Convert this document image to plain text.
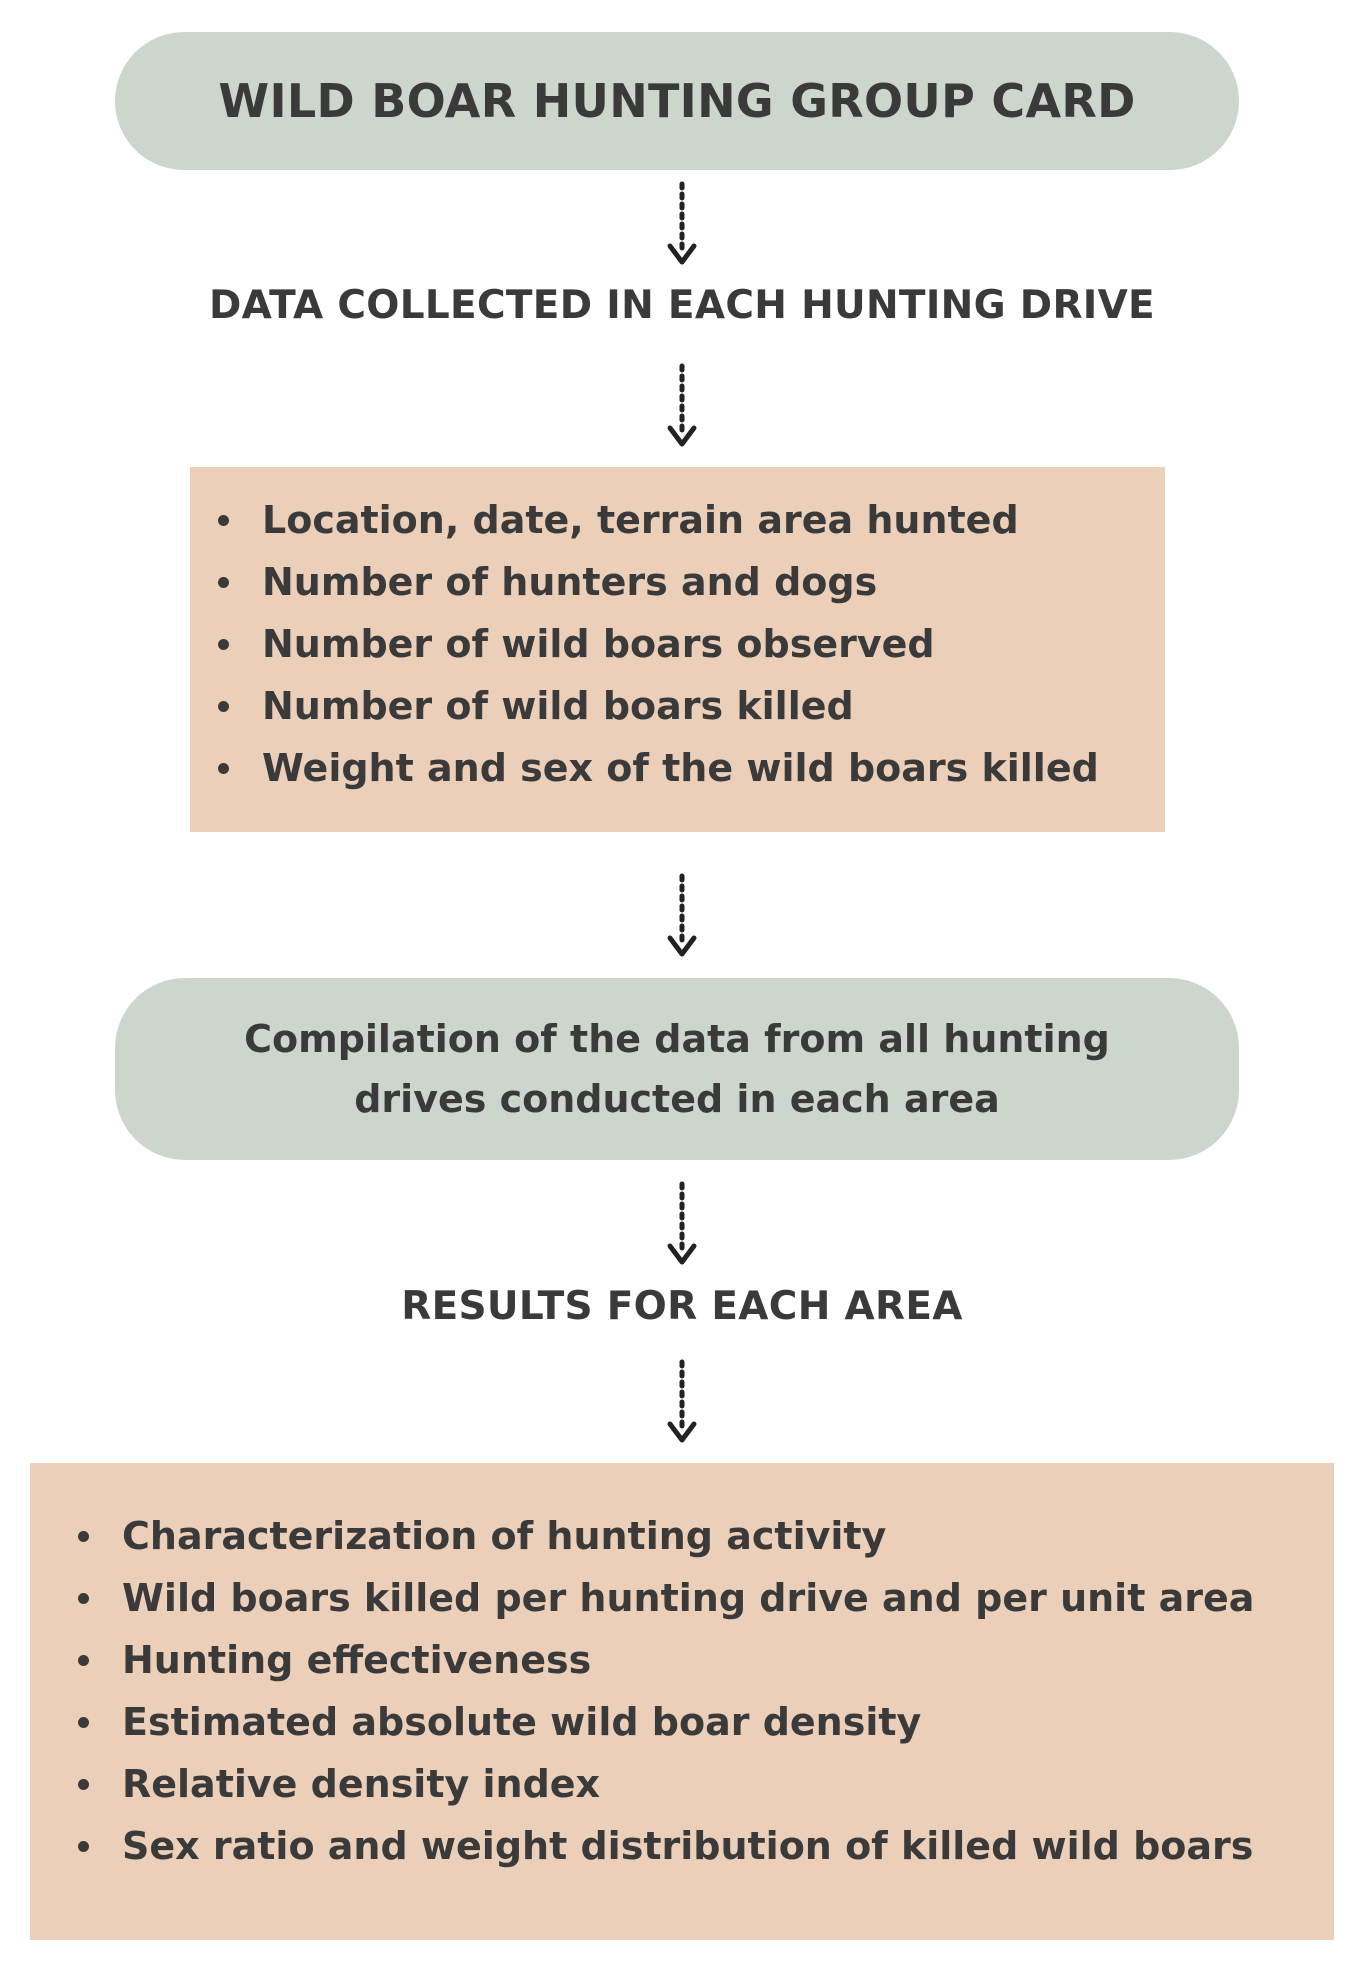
WILD BOAR HUNTING GROUP CARD
DATA COLLECTED IN EACH HUNTING DRIVE
Location, date, terrain area hunted
Number of hunters and dogs
Number of wild boars observed
Number of wild boars killed
Weight and sex of the wild boars killed
Compilation of the data from all hunting drives conducted in each area
RESULTS FOR EACH AREA
Characterization of hunting activity
Wild boars killed per hunting drive and per unit area
Hunting effectiveness
Estimated absolute wild boar density
Relative density index
Sex ratio and weight distribution of killed wild boars
